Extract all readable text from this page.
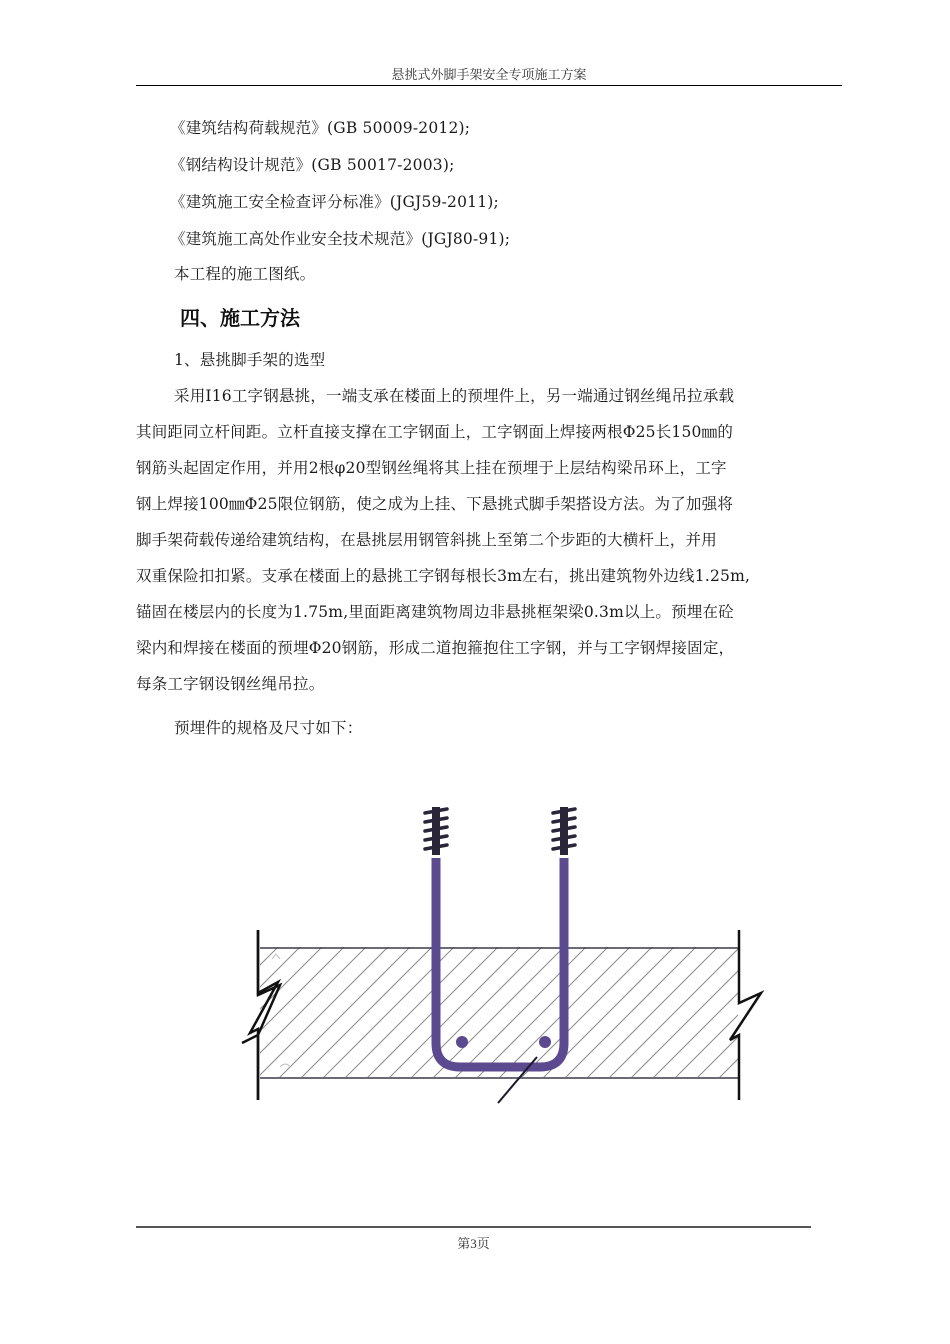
悬挑式外脚手架安全专项施工方案
《建筑结构荷载规范》(GB 50009-2012);
《钢结构设计规范》(GB 50017-2003);
《建筑施工安全检查评分标准》(JGJ59-2011);
《建筑施工高处作业安全技术规范》(JGJ80-91);
本工程的施工图纸。
四、施工方法
1、悬挑脚手架的选型
采用I16工字钢悬挑，一端支承在楼面上的预埋件上，另一端通过钢丝绳吊拉承载
其间距同立杆间距。立杆直接支撑在工字钢面上，工字钢面上焊接两根Φ25长150㎜的
钢筋头起固定作用，并用2根φ20型钢丝绳将其上挂在预埋于上层结构梁吊环上，工字
钢上焊接100㎜Φ25限位钢筋，使之成为上挂、下悬挑式脚手架搭设方法。为了加强将
脚手架荷载传递给建筑结构，在悬挑层用钢管斜挑上至第二个步距的大横杆上，并用
双重保险扣扣紧。支承在楼面上的悬挑工字钢每根长3m左右，挑出建筑物外边线1.25m,
锚固在楼层内的长度为1.75m,里面距离建筑物周边非悬挑框架梁0.3m以上。预埋在砼
梁内和焊接在楼面的预埋Φ20钢筋，形成二道抱箍抱住工字钢，并与工字钢焊接固定，
每条工字钢设钢丝绳吊拉。
预埋件的规格及尺寸如下：
第3页
